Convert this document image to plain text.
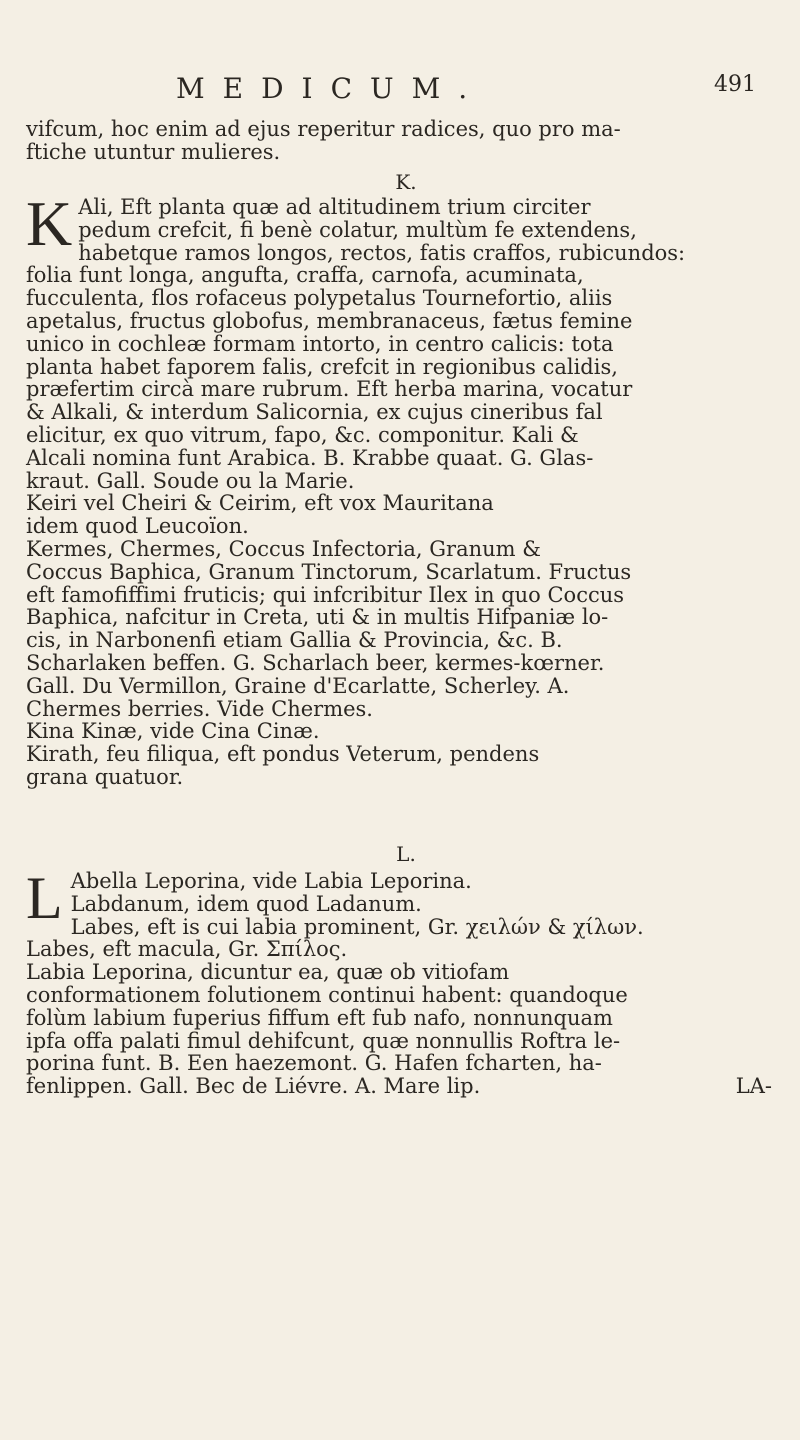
MEDICUM.	491
vifcum, hoc enim ad ejus reperitur radices, quo pro ma-
ftiche utuntur mulieres.
K.
K Ali, Eft planta quæ ad altitudinem trium circiter
pedum crefcit, fi benè colatur, multùm fe extendens,
habetque ramos longos, rectos, fatis craffos, rubicundos:
folia funt longa, angufta, craffa, carnofa, acuminata,
fucculenta, flos rofaceus polypetalus Tournefortio, aliis
apetalus, fructus globofus, membranaceus, fætus femine
unico in cochleæ formam intorto, in centro calicis: tota
planta habet faporem falis, crefcit in regionibus calidis,
præfertim circà mare rubrum. Eft herba marina, vocatur
& Alkali, & interdum Salicornia, ex cujus cineribus fal
elicitur, ex quo vitrum, fapo, &c. componitur. Kali &
Alcali nomina funt Arabica. B. Krabbe quaat. G. Glas-
kraut. Gall. Soude ou la Marie.
Keiri vel Cheiri & Ceirim, eft vox Mauritana
idem quod Leucoïon.
Kermes, Chermes, Coccus Infectoria, Granum &
Coccus Baphica, Granum Tinctorum, Scarlatum. Fructus
eft famofiffimi fruticis; qui infcribitur Ilex in quo Coccus
Baphica, nafcitur in Creta, uti & in multis Hifpaniæ lo-
cis, in Narbonenfi etiam Gallia & Provincia, &c. B.
Scharlaken beffen. G. Scharlach beer, kermes-kœrner.
Gall. Du Vermillon, Graine d'Ecarlatte, Scherley. A.
Chermes berries. Vide Chermes.
Kina Kinæ, vide Cina Cinæ.
Kirath, feu filiqua, eft pondus Veterum, pendens
grana quatuor.
L.
L Abella Leporina, vide Labia Leporina.
Labdanum, idem quod Ladanum.
Labes, eft is cui labia prominent, Gr. χειλών & χίλων.
Labes, eft macula, Gr. Σπίλος.
Labia Leporina, dicuntur ea, quæ ob vitiofam
conformationem folutionem continui habent: quandoque
folùm labium fuperius fiffum eft fub nafo, nonnunquam
ipfa offa palati fimul dehifcunt, quæ nonnullis Roftra le-
porina funt. B. Een haezemont. G. Hafen fcharten, ha-
fenlippen. Gall. Bec de Liévre. A. Mare lip.	LA-
